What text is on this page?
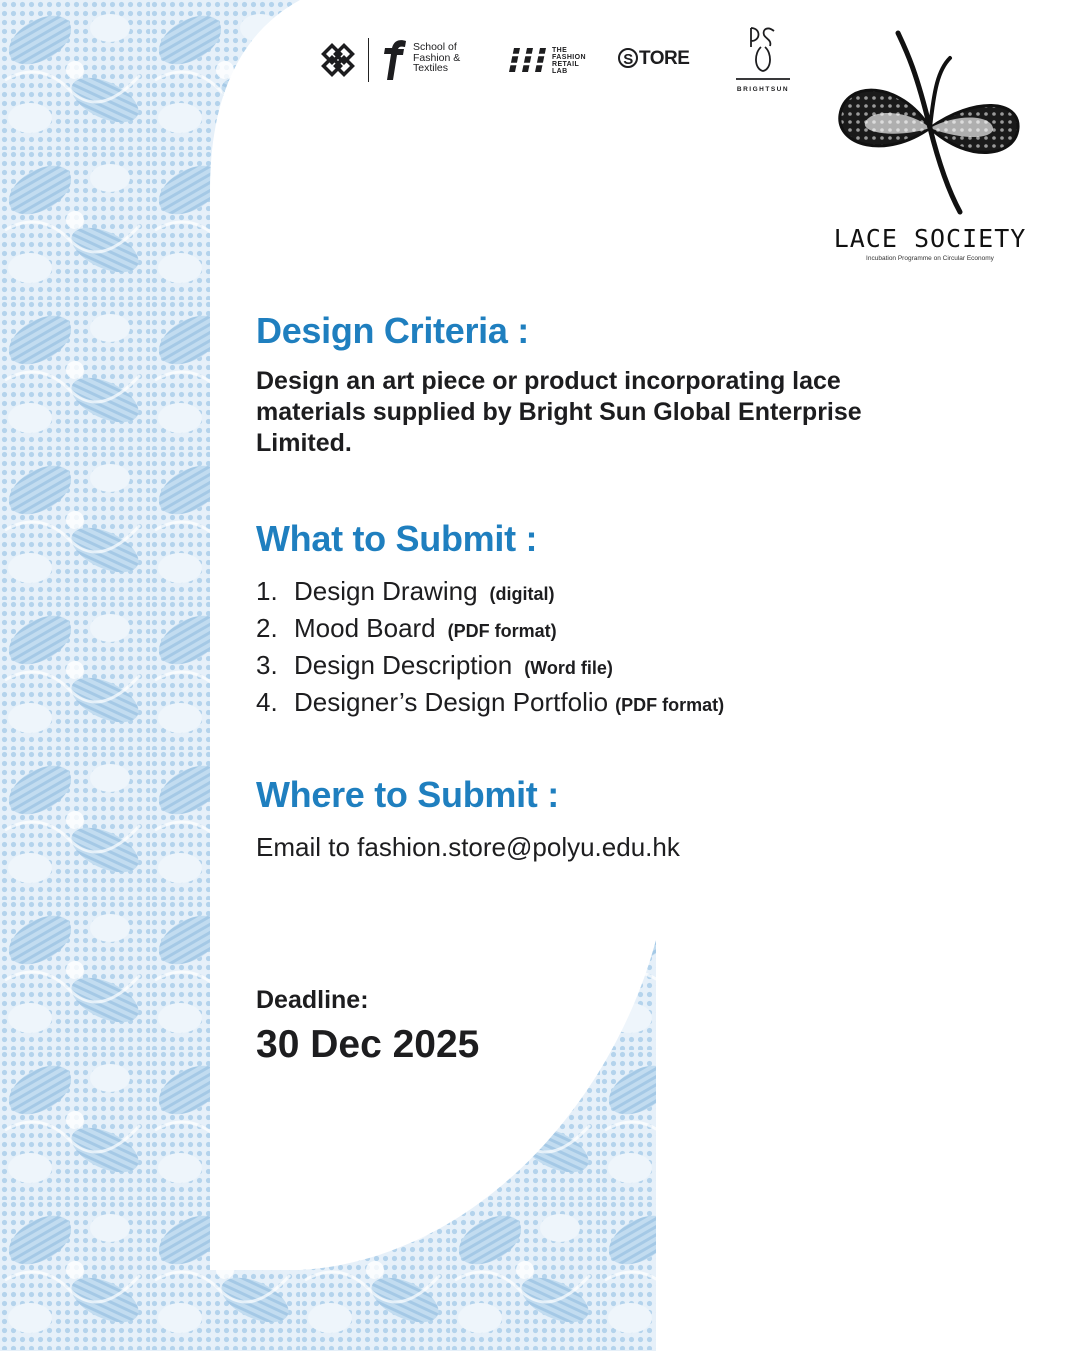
School of
Fashion &
Textiles
THE
FASHION
RETAIL
LAB
S TORE
BRIGHTSUN
LACE SOCIETY
Incubation Programme on Circular Economy
Design Criteria :
Design an art piece or product incorporating lace materials supplied by Bright Sun Global Enterprise Limited.
What to Submit :
1. Design Drawing (digital)
2. Mood Board (PDF format)
3. Design Description (Word file)
4. Designer’s Design Portfolio (PDF format)
Where to Submit :
Email to fashion.store@polyu.edu.hk
Deadline:
30 Dec 2025
